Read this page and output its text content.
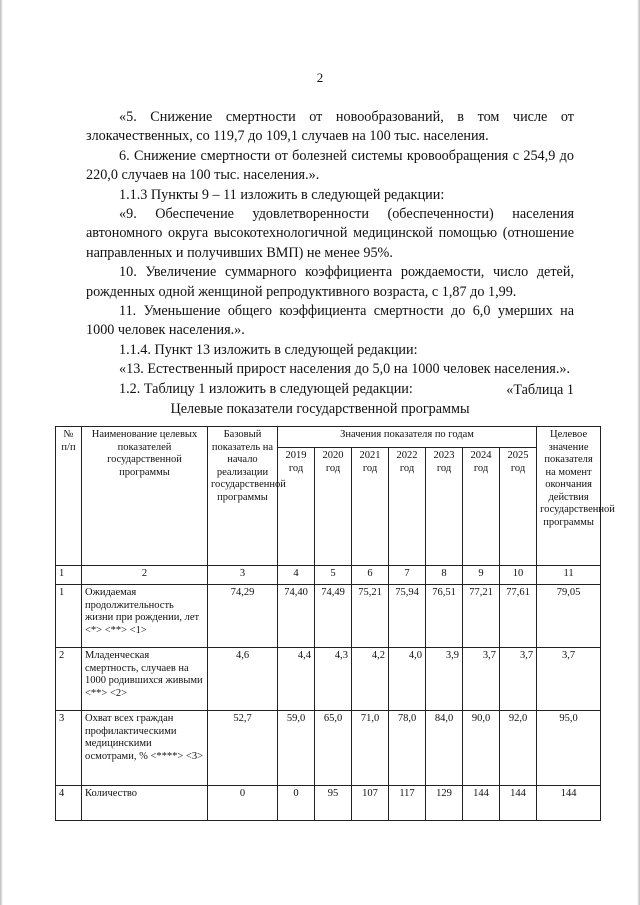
2

«5. Снижение смертности от новообразований, в том числе от злокачественных, со 119,7 до 109,1 случаев на 100 тыс. населения.

6. Снижение смертности от болезней системы кровообращения с 254,9 до 220,0 случаев на 100 тыс. населения.».

1.1.3 Пункты 9 – 11 изложить в следующей редакции:

«9. Обеспечение удовлетворенности (обеспеченности) населения автономного округа высокотехнологичной медицинской помощью (отношение направленных и получивших ВМП) не менее 95%.

10. Увеличение суммарного коэффициента рождаемости, число детей, рожденных одной женщиной репродуктивного возраста, с 1,87 до 1,99.

11. Уменьшение общего коэффициента смертности до 6,0 умерших на 1000 человек населения.».

1.1.4. Пункт 13 изложить в следующей редакции:

«13. Естественный прирост населения до 5,0 на 1000 человек населения.».

1.2. Таблицу 1 изложить в следующей редакции:	«Таблица 1
Целевые показатели государственной программы
№ п/п	Наименование целевых показателей государственной программы	Базовый показатель на начало реализации государственной программы	Значения показателя по годам							Целевое значение показателя на момент окончания действия государственной программы
			2019 год	2020 год	2021 год	2022 год	2023 год	2024 год	2025 год	
1	2	3	4	5	6	7	8	9	10	11
1	Ожидаемая продолжительность жизни при рождении, лет <*> <**> <1>	74,29	74,40	74,49	75,21	75,94	76,51	77,21	77,61	79,05
2	Младенческая смертность, случаев на 1000 родившихся живыми <**> <2>	4,6	4,4	4,3	4,2	4,0	3,9	3,7	3,7	3,7
3	Охват всех граждан профилактическими медицинскими осмотрами, % <****> <3>	52,7	59,0	65,0	71,0	78,0	84,0	90,0	92,0	95,0
4	Количество	0	0	95	107	117	129	144	144	144
